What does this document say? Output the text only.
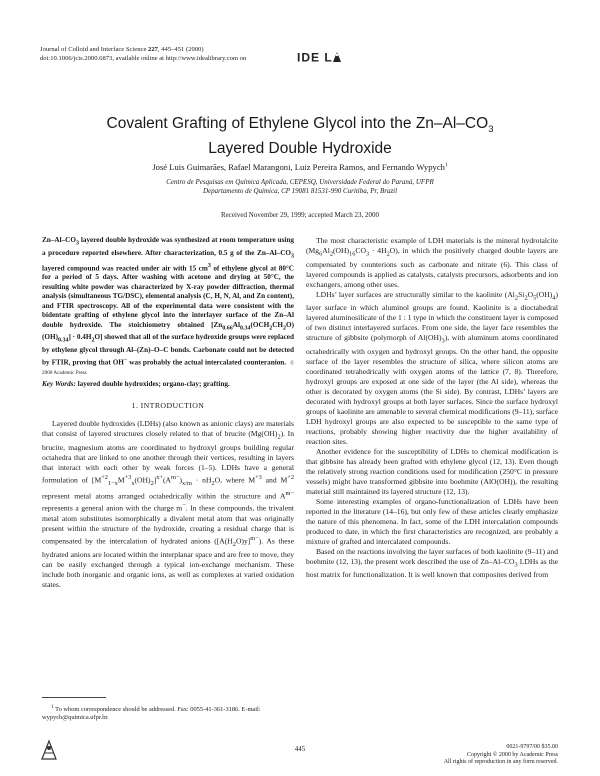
Journal of Colloid and Interface Science 227, 445–451 (2000)
doi:10.1006/jcis.2000.6873, available online at http://www.idealibrary.com on	IDE L
Covalent Grafting of Ethylene Glycol into the $Zn-Al-CO_3$
Layered Double Hydroxide
José Luis Guimarães, Rafael Marangoni, Luiz Pereira Ramos, and Fernando Wypych$^1$
Centro de Pesquisas em Química Aplicada, CEPESQ, Universidade Federal do Paraná, UFPR
Departamento de Química, CP 19081 81531-990 Curitiba, Pr, Brazil
Received November 29, 1999; accepted March 23, 2000

$Zn-Al-CO_3$ layered double hydroxide was synthesized at room temperature using a procedure reported elsewhere. After characterization, 0.5 g of the $Zn-Al-CO_3$ layered compound was reacted under air with 15 $cm^3$ of ethylene glycol at 80°C for a period of 5 days. After washing with acetone and drying at 50°C, the resulting white powder was characterized by X-ray powder diffraction, thermal analysis (simultaneous TG/DSC), elemental analysis (C, H, N, Al, and Zn content), and FTIR spectroscopy. All of the experimental data were consistent with the bidentate grafting of ethylene glycol into the interlayer surface of the Zn–Al double hydroxide. The stoichiometry obtained $[Zn_{0.66}Al_{0.34}(OCH_2CH_2O)(OH)_{0.34}] \cdot 0.4H_2O$] showed that all of the surface hydroxide groups were replaced by ethylene glycol through Al–(Zn)–O–C bonds. Carbonate could not be detected by FTIR, proving that OH− was probably the actual intercalated counteranion. © 2000 Academic Press

Key Words: layered double hydroxides; organo-clay; grafting.
1. INTRODUCTION

Layered double hydroxides (LDHs) (also known as anionic clays) are materials that consist of layered structures closely related to that of brucite $(Mg(OH)_2)$. In brucite, magnesium atoms are coordinated to hydroxyl groups building regular octahedra that are linked to one another through their vertices, resulting in layers that interact with each other by weak forces (1–5). LDHs have a general formulation of $[M^{+2}_{1-x}M^{+3}_x(OH)_2]^{x+}(A^{m-})_{x/m} \cdot nH_2O$, where $M^{+3}$ and $M^{+2}$ represent metal atoms arranged octahedrically within the structure and $A^{m-}$ represents a general anion with the charge m−. In these compounds, the trivalent metal atom substitutes isomorphically a divalent metal atom that was originally present within the structure of the hydroxide, creating a residual charge that is compensated by the intercalation of hydrated anions $([A(H_2O)y]^{m-})$. As these hydrated anions are located within the interplanar space and are free to move, they can be easily exchanged through a typical ion-exchange mechanism. These include both inorganic and organic ions, as well as complexes at varied oxidation states.

$^1$ To whom correspondence should be addressed. Fax: 0055-41-361-3186. E-mail: wypych@quimica.ufpr.br.

The most characteristic example of LDH materials is the mineral hydrotalcite $(Mg_6Al_2(OH)_{16}CO_3 \cdot 4H_2O)$, in which the positively charged double layers are compensated by counterions such as carbonate and nitrate (6). This class of layered compounds is applied as catalysts, catalysts precursors, adsorbents and ion exchangers, among other uses.

LDHs’ layer surfaces are structurally similar to the kaolinite $(Al_2Si_2O_5(OH)_4)$ layer surface in which aluminol groups are found. Kaolinite is a dioctahedral layered aluminosilicate of the 1 : 1 type in which the constituent layer is composed of two distinct interlayered surfaces. From one side, the layer face resembles the structure of gibbsite (polymorph of $Al(OH)_3$), with aluminum atoms coordinated octahedrically with oxygen and hydroxyl groups. On the other hand, the opposite surface of the layer resembles the structure of silica, where silicon atoms are coordinated tetrahedrically with oxygen atoms of the lattice (7, 8). Therefore, hydroxyl groups are exposed at one side of the layer (the Al side), whereas the other is decorated by oxygen atoms (the Si side). By contrast, LDHs’ layers are decorated with hydroxyl groups at both layer surfaces. Since the surface hydroxyl groups of kaolinite are amenable to several chemical modifications (9–11), surface LDH hydroxyl groups are also expected to be susceptible to the same type of reactions, probably showing higher reactivity due the higher availability of reaction sites.

Another evidence for the susceptibility of LDHs to chemical modification is that gibbsite has already been grafted with ethylene glycol (12, 13). Even though the relatively strong reaction conditions used for modification (250°C in pressure vessels) might have transformed gibbsite into boehmite (AlO(OH)), the resulting material still maintained its layered structure (12, 13).

Some interesting examples of organo-functionalization of LDHs have been reported in the literature (14–16), but only few of these articles clearly emphasize the nature of this phenomena. In fact, some of the LDH intercalation compounds produced to date, in which the first characteristics are recognized, are probably a mixture of grafted and intercalated compounds.

Based on the reactions involving the layer surfaces of both kaolinite (9–11) and boehmite (12, 13), the present work described the use of $Zn-Al-CO_3$ LDHs as the host matrix for functionalization. It is well known that composites derived from

445	0021-9797/00 $35.00
Copyright © 2000 by Academic Press
All rights of reproduction in any form reserved.
